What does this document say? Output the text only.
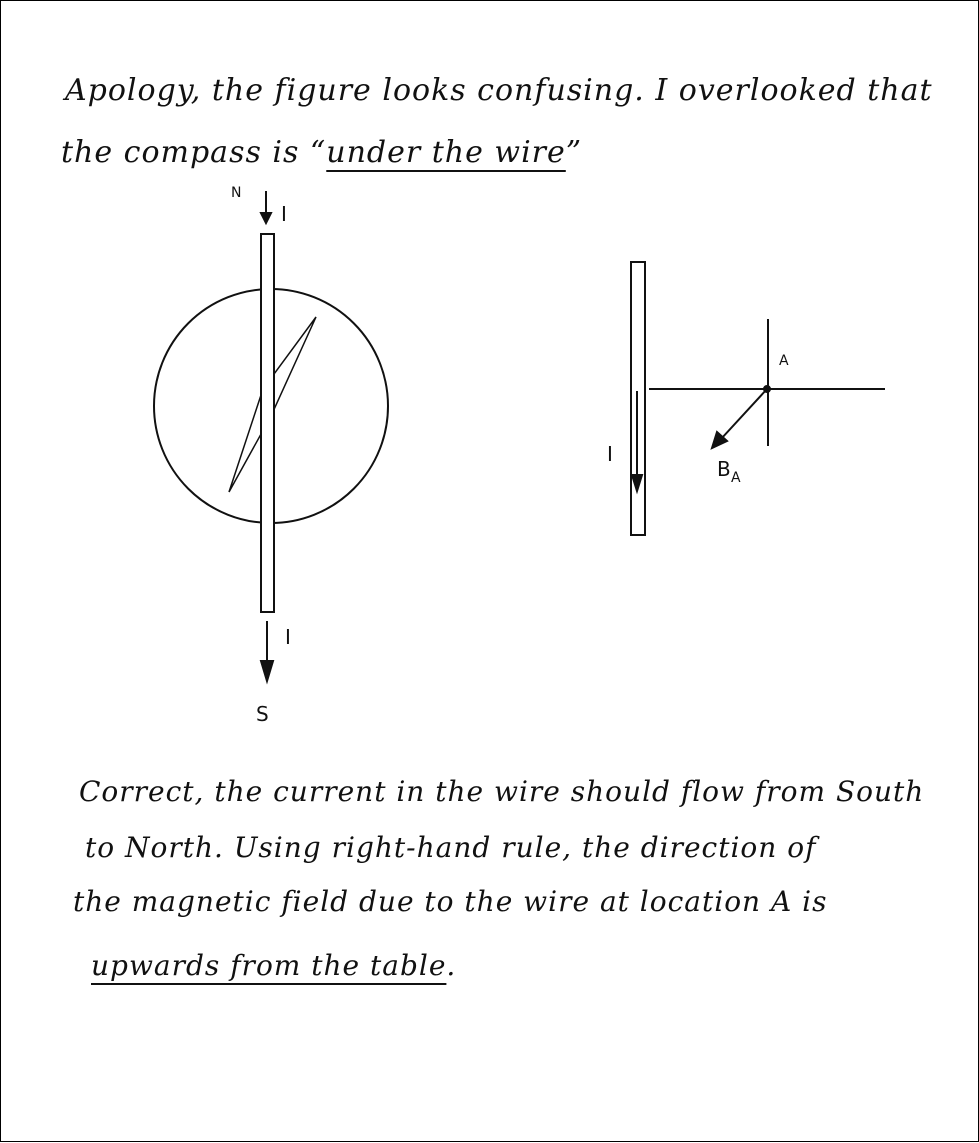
Apology, the figure looks confusing. I overlooked that
the compass is “under the wire”
N
I
I
S
I
A
B A
Correct, the current in the wire should flow from South
to North. Using right-hand rule, the direction of
the magnetic field due to the wire at location A is
upwards from the table.
